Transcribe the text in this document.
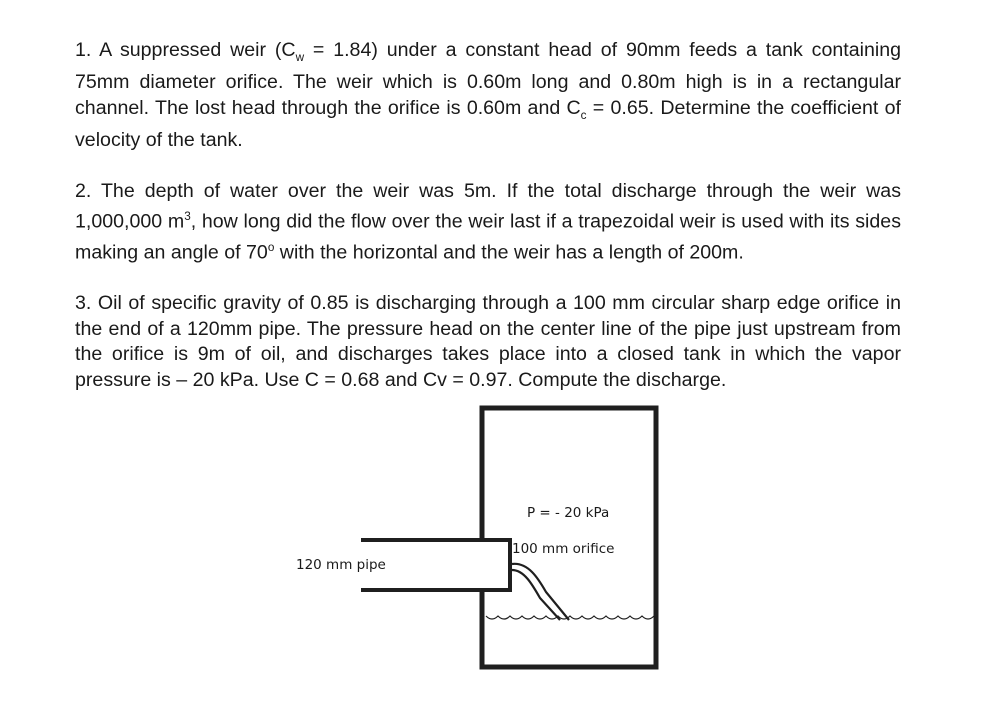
1. A suppressed weir $(C_w = 1.84)$ under a constant head of 90mm feeds a tank containing 75mm diameter orifice. The weir which is 0.60m long and 0.80m high is in a rectangular channel. The lost head through the orifice is 0.60m and $C_c = 0.65$. Determine the coefficient of velocity of the tank.

2. The depth of water over the weir was 5m. If the total discharge through the weir was 1,000,000 $m^3$, how long did the flow over the weir last if a trapezoidal weir is used with its sides making an angle of 70$^o$ with the horizontal and the weir has a length of 200m.

3. Oil of specific gravity of 0.85 is discharging through a 100 mm circular sharp edge orifice in the end of a 120mm pipe. The pressure head on the center line of the pipe just upstream from the orifice is 9m of oil, and discharges takes place into a closed tank in which the vapor pressure is – 20 kPa. Use C = 0.68 and Cv = 0.97. Compute the discharge.

P = - 20 kPa
100 mm orifice
120 mm pipe
